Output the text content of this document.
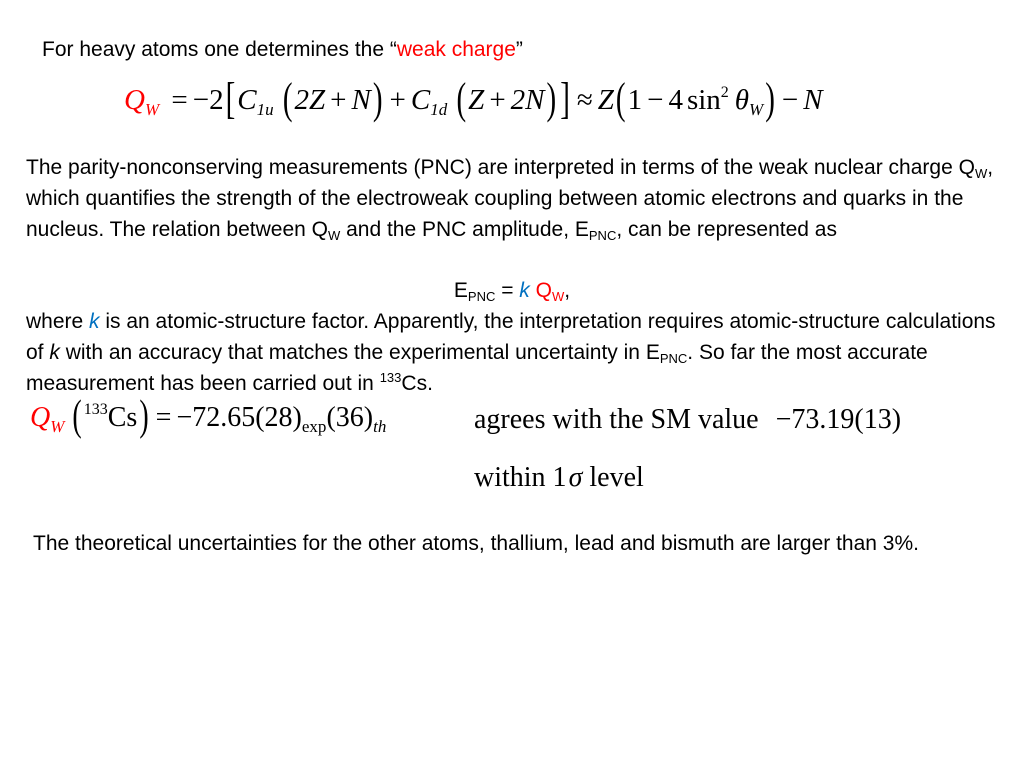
For heavy atoms one determines the “weak charge”
$Q_W = -2[C_{1u}$ $(2Z + N) + C_{1d}$ (Z + 2N) ] ≈ Z(1 − 4 $\sin^2 \theta_W) - N$
The parity-nonconserving measurements (PNC) are interpreted in terms of the weak nuclear charge $Q_W$, which quantifies the strength of the electroweak coupling between atomic electrons and quarks in the nucleus. The relation between $Q_W$ and the PNC amplitude, $E_{PNC}$, can be represented as
$E_{PNC} = k$ $Q_W$,
where k is an atomic-structure factor. Apparently, the interpretation requires atomic-structure calculations of k with an accuracy that matches the experimental uncertainty in $E_{PNC}$. So far the most accurate measurement has been carried out in $^{133}$Cs.
$Q_W$ ( $^{133}Cs) = -72.65(28)_{exp}(36)_{th}$	agrees with the SM value −73.19(13)
within 1σ level
The theoretical uncertainties for the other atoms, thallium, lead and bismuth are larger than 3%.
